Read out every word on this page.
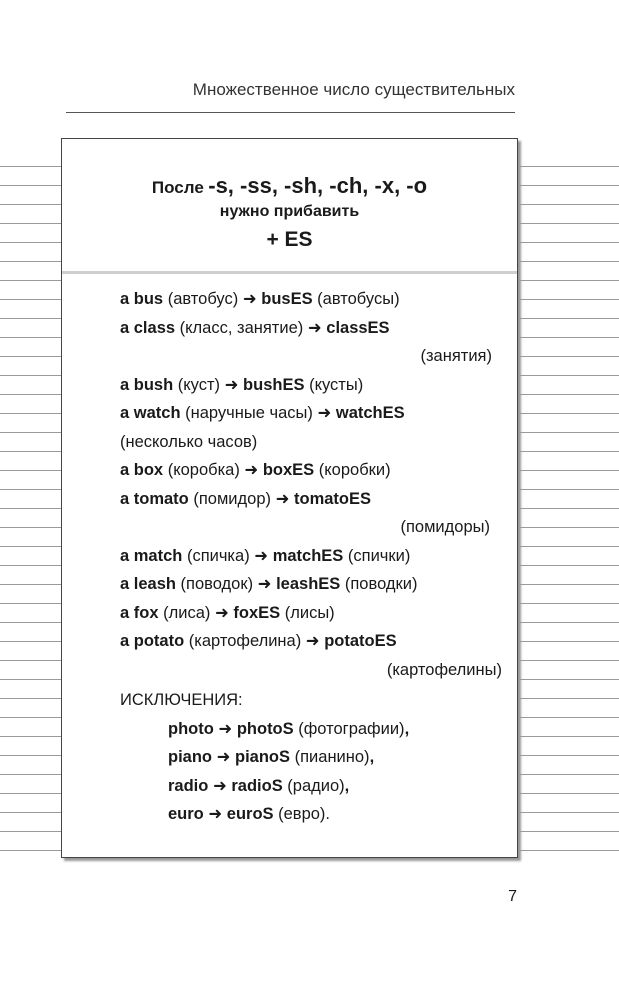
Множественное число существительных
После -s, -ss, -sh, -ch, -x, -o
нужно прибавить
+ ES
a bus (автобус) ➜ busES (автобусы)
a class (класс, занятие) ➜ classES
(занятия)
a bush (куст) ➜ bushES (кусты)
a watch (наручные часы) ➜ watchES
(несколько часов)
a box (коробка) ➜ boxES (коробки)
a tomato (помидор) ➜ tomatoES
(помидоры)
a match (спичка) ➜ matchES (спички)
a leash (поводок) ➜ leashES (поводки)
a fox (лиса) ➜ foxES (лисы)
a potato (картофелина) ➜ potatoES
(картофелины)
ИСКЛЮЧЕНИЯ:
photo ➜ photoS (фотографии),
piano ➜ pianoS (пианино),
radio ➜ radioS (радио),
euro ➜ euroS (евро).
7
